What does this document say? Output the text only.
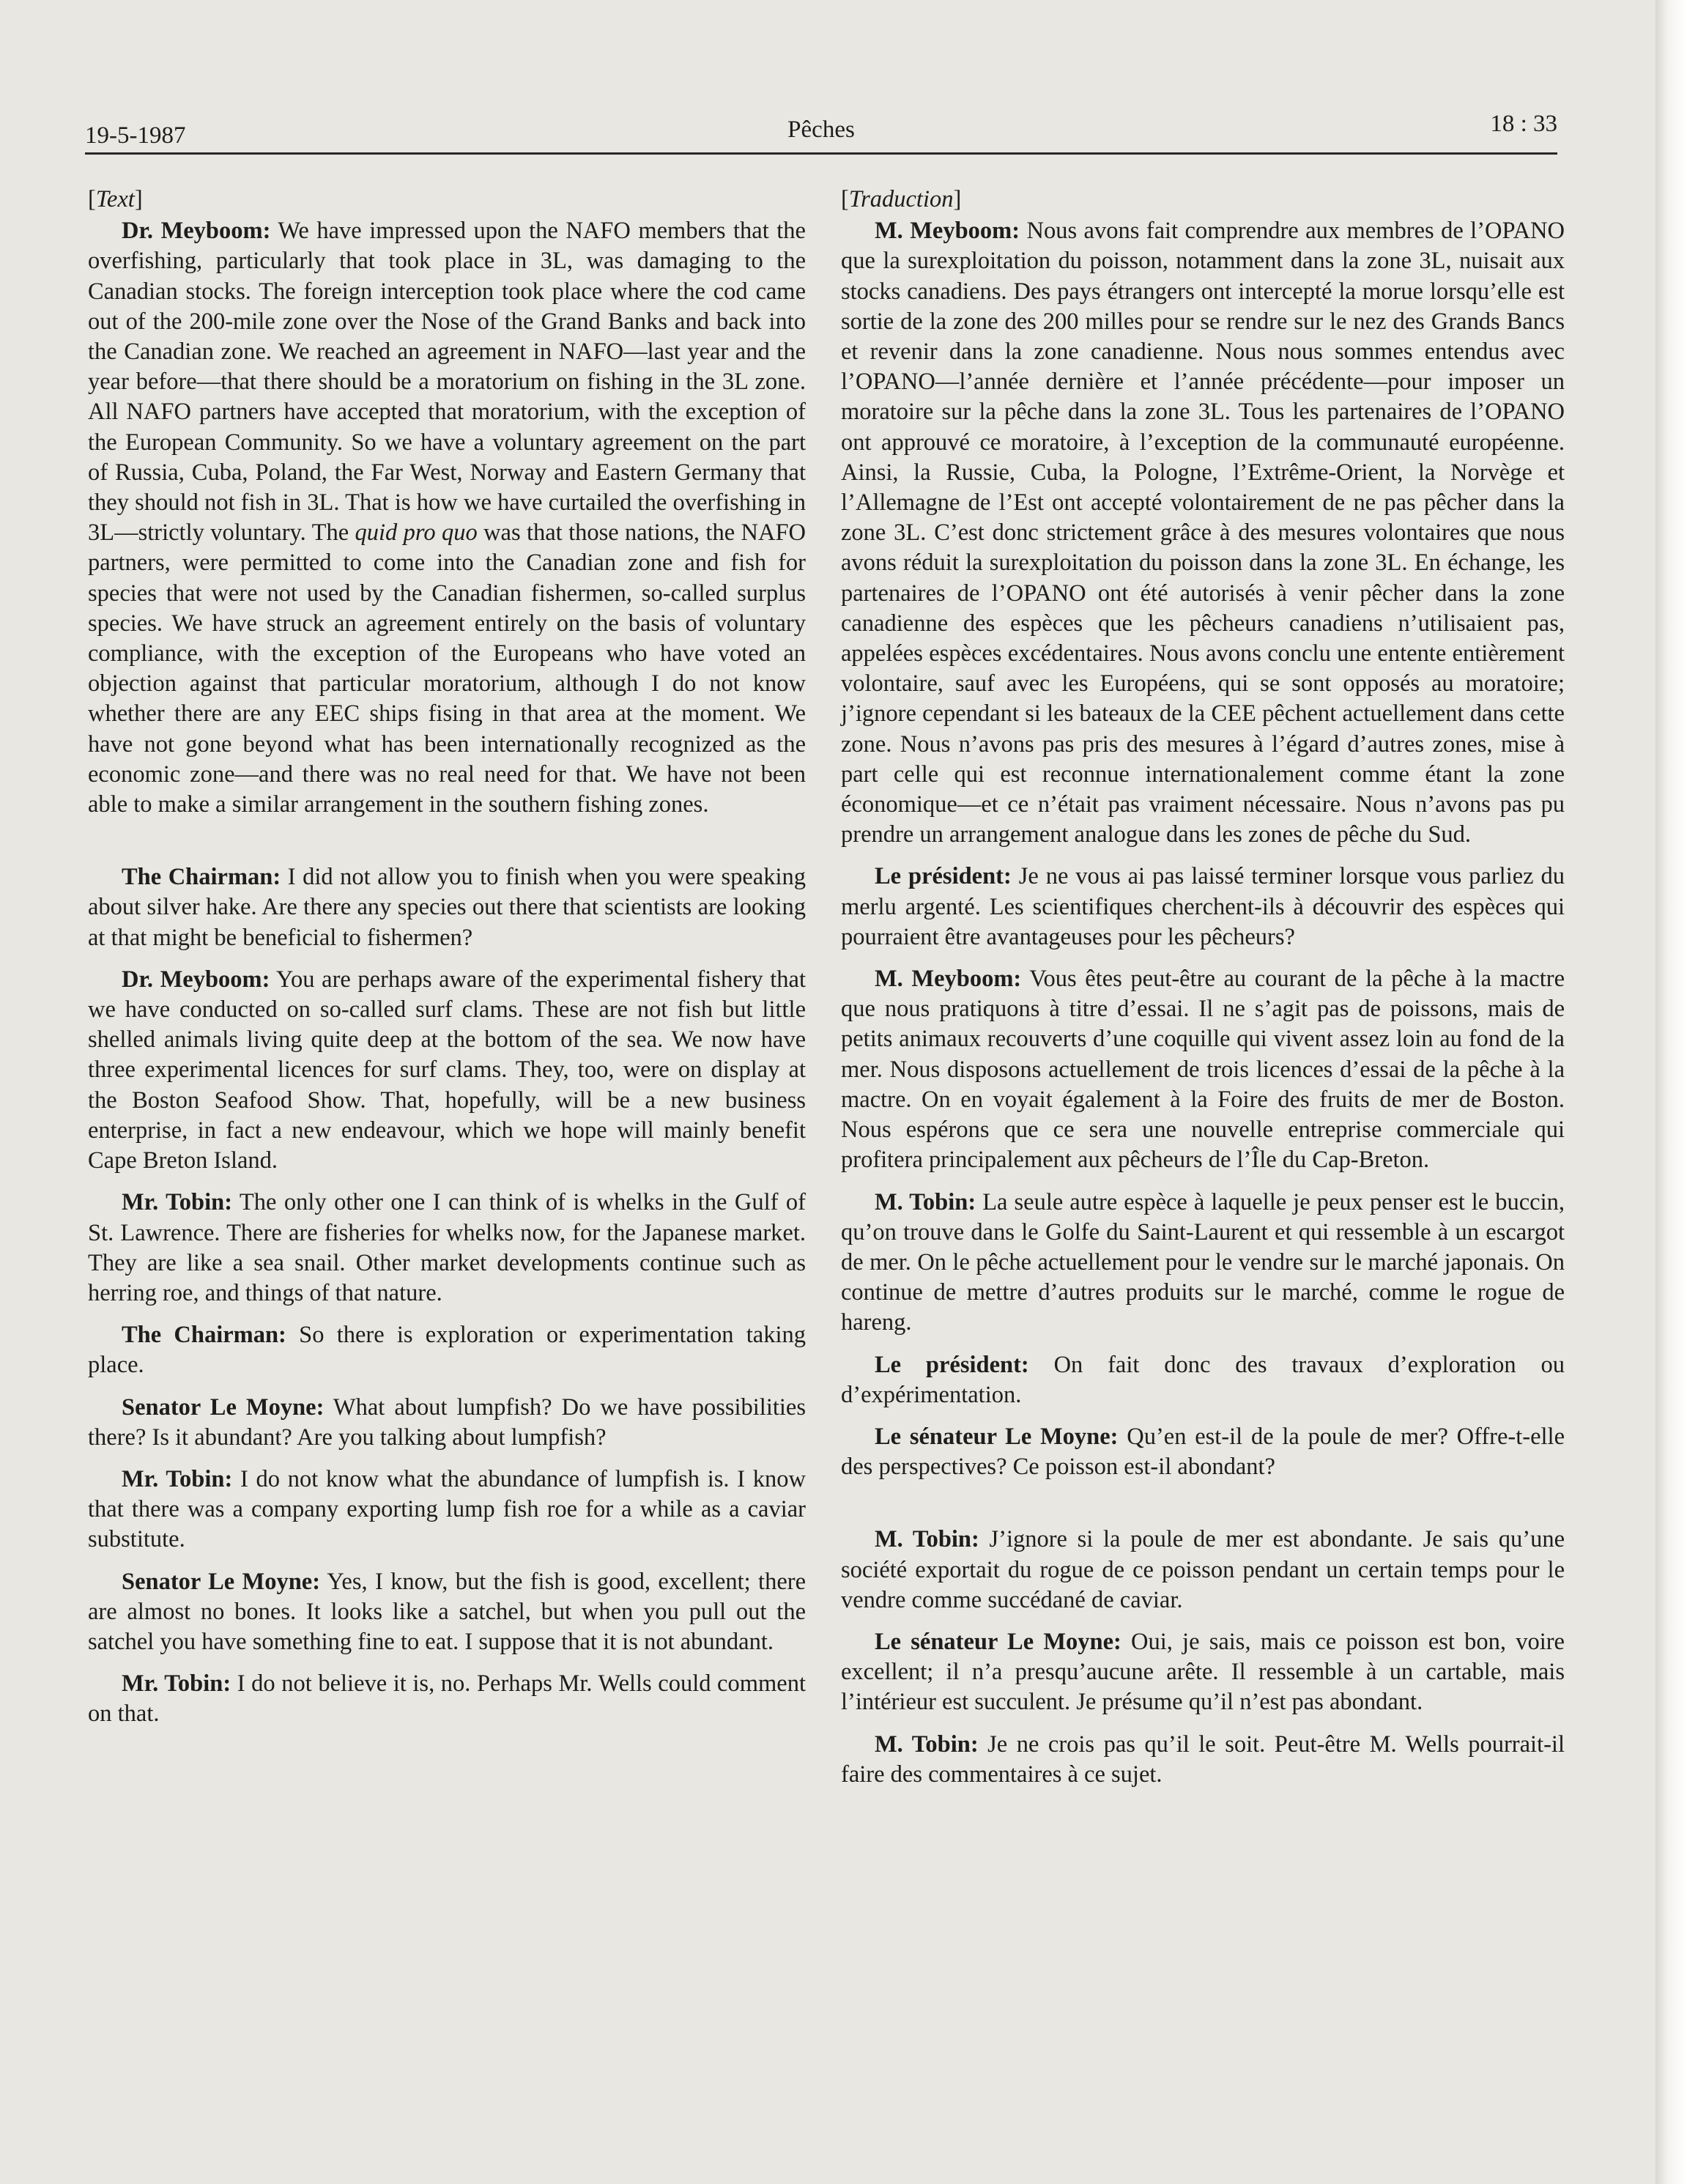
19-5-1987	Pêches	18 : 33

[Text]

Dr. Meyboom: We have impressed upon the NAFO members that the overfishing, particularly that took place in 3L, was damaging to the Canadian stocks. The foreign interception took place where the cod came out of the 200-mile zone over the Nose of the Grand Banks and back into the Canadian zone. We reached an agreement in NAFO—last year and the year before—that there should be a moratorium on fishing in the 3L zone. All NAFO partners have accepted that moratorium, with the exception of the European Community. So we have a voluntary agreement on the part of Russia, Cuba, Poland, the Far West, Norway and Eastern Germany that they should not fish in 3L. That is how we have curtailed the overfishing in 3L—strictly voluntary. The quid pro quo was that those nations, the NAFO partners, were permitted to come into the Canadian zone and fish for species that were not used by the Canadian fishermen, so-called surplus species. We have struck an agreement entirely on the basis of voluntary compliance, with the exception of the Europeans who have voted an objection against that particular moratorium, although I do not know whether there are any EEC ships fising in that area at the moment. We have not gone beyond what has been internationally recognized as the economic zone—and there was no real need for that. We have not been able to make a similar arrangement in the southern fishing zones.

The Chairman: I did not allow you to finish when you were speaking about silver hake. Are there any species out there that scientists are looking at that might be beneficial to fishermen?

Dr. Meyboom: You are perhaps aware of the experimental fishery that we have conducted on so-called surf clams. These are not fish but little shelled animals living quite deep at the bottom of the sea. We now have three experimental licences for surf clams. They, too, were on display at the Boston Seafood Show. That, hopefully, will be a new business enterprise, in fact a new endeavour, which we hope will mainly benefit Cape Breton Island.

Mr. Tobin: The only other one I can think of is whelks in the Gulf of St. Lawrence. There are fisheries for whelks now, for the Japanese market. They are like a sea snail. Other market developments continue such as herring roe, and things of that nature.

The Chairman: So there is exploration or experimentation taking place.

Senator Le Moyne: What about lumpfish? Do we have possibilities there? Is it abundant? Are you talking about lumpfish?

Mr. Tobin: I do not know what the abundance of lumpfish is. I know that there was a company exporting lump fish roe for a while as a caviar substitute.

Senator Le Moyne: Yes, I know, but the fish is good, excellent; there are almost no bones. It looks like a satchel, but when you pull out the satchel you have something fine to eat. I suppose that it is not abundant.

Mr. Tobin: I do not believe it is, no. Perhaps Mr. Wells could comment on that.

[Traduction]

M. Meyboom: Nous avons fait comprendre aux membres de l’OPANO que la surexploitation du poisson, notamment dans la zone 3L, nuisait aux stocks canadiens. Des pays étrangers ont intercepté la morue lorsqu’elle est sortie de la zone des 200 milles pour se rendre sur le nez des Grands Bancs et revenir dans la zone canadienne. Nous nous sommes entendus avec l’OPANO—l’année dernière et l’année précédente—pour imposer un moratoire sur la pêche dans la zone 3L. Tous les partenaires de l’OPANO ont approuvé ce moratoire, à l’exception de la communauté européenne. Ainsi, la Russie, Cuba, la Pologne, l’Extrême-Orient, la Norvège et l’Allemagne de l’Est ont accepté volontairement de ne pas pêcher dans la zone 3L. C’est donc strictement grâce à des mesures volontaires que nous avons réduit la surexploitation du poisson dans la zone 3L. En échange, les partenaires de l’OPANO ont été autorisés à venir pêcher dans la zone canadienne des espèces que les pêcheurs canadiens n’utilisaient pas, appelées espèces excédentaires. Nous avons conclu une entente entièrement volontaire, sauf avec les Européens, qui se sont opposés au moratoire; j’ignore cependant si les bateaux de la CEE pêchent actuellement dans cette zone. Nous n’avons pas pris des mesures à l’égard d’autres zones, mise à part celle qui est reconnue internationalement comme étant la zone économique—et ce n’était pas vraiment nécessaire. Nous n’avons pas pu prendre un arrangement analogue dans les zones de pêche du Sud.

Le président: Je ne vous ai pas laissé terminer lorsque vous parliez du merlu argenté. Les scientifiques cherchent-ils à découvrir des espèces qui pourraient être avantageuses pour les pêcheurs?

M. Meyboom: Vous êtes peut-être au courant de la pêche à la mactre que nous pratiquons à titre d’essai. Il ne s’agit pas de poissons, mais de petits animaux recouverts d’une coquille qui vivent assez loin au fond de la mer. Nous disposons actuellement de trois licences d’essai de la pêche à la mactre. On en voyait également à la Foire des fruits de mer de Boston. Nous espérons que ce sera une nouvelle entreprise commerciale qui profitera principalement aux pêcheurs de l’Île du Cap-Breton.

M. Tobin: La seule autre espèce à laquelle je peux penser est le buccin, qu’on trouve dans le Golfe du Saint-Laurent et qui ressemble à un escargot de mer. On le pêche actuellement pour le vendre sur le marché japonais. On continue de mettre d’autres produits sur le marché, comme le rogue de hareng.

Le président: On fait donc des travaux d’exploration ou d’expérimentation.

Le sénateur Le Moyne: Qu’en est-il de la poule de mer? Offre-t-elle des perspectives? Ce poisson est-il abondant?

M. Tobin: J’ignore si la poule de mer est abondante. Je sais qu’une société exportait du rogue de ce poisson pendant un certain temps pour le vendre comme succédané de caviar.

Le sénateur Le Moyne: Oui, je sais, mais ce poisson est bon, voire excellent; il n’a presqu’aucune arête. Il ressemble à un cartable, mais l’intérieur est succulent. Je présume qu’il n’est pas abondant.

M. Tobin: Je ne crois pas qu’il le soit. Peut-être M. Wells pourrait-il faire des commentaires à ce sujet.
